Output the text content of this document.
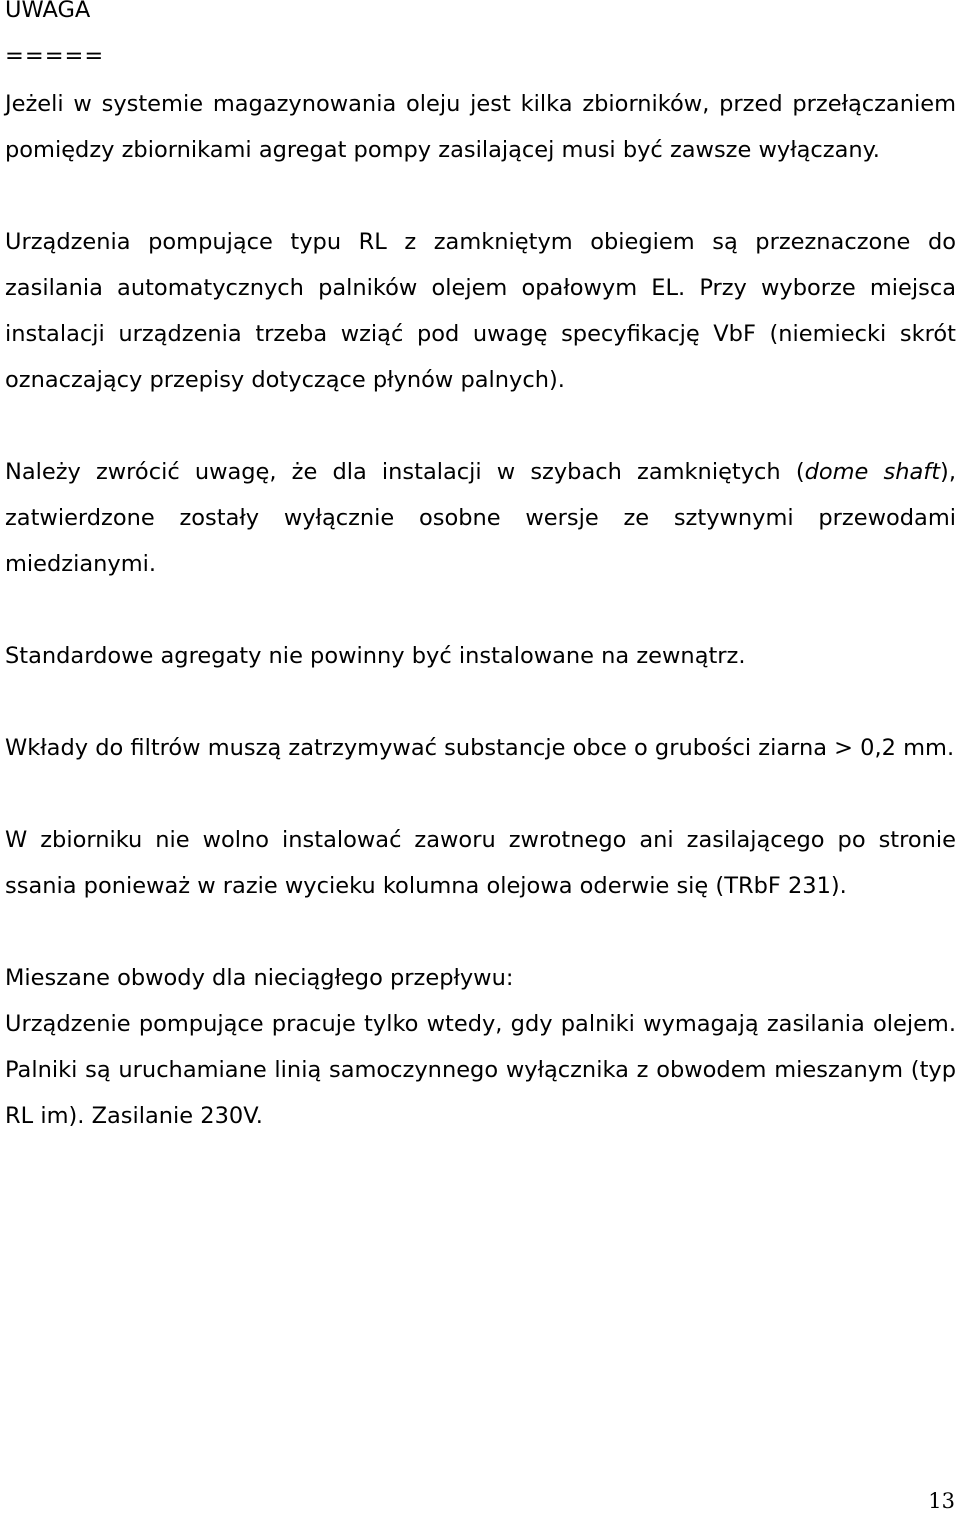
UWAGA
=====

Jeżeli w systemie magazynowania oleju jest kilka zbiorników, przed przełączaniem pomiędzy zbiornikami agregat pompy zasilającej musi być zawsze wyłączany.

Urządzenia pompujące typu RL z zamkniętym obiegiem są przeznaczone do zasilania automatycznych palników olejem opałowym EL. Przy wyborze miejsca instalacji urządzenia trzeba wziąć pod uwagę specyfikację VbF (niemiecki skrót oznaczający przepisy dotyczące płynów palnych).

Należy zwrócić uwagę, że dla instalacji w szybach zamkniętych (dome shaft), zatwierdzone zostały wyłącznie osobne wersje ze sztywnymi przewodami miedzianymi.

Standardowe agregaty nie powinny być instalowane na zewnątrz.

Wkłady do filtrów muszą zatrzymywać substancje obce o grubości ziarna > 0,2 mm.

W zbiorniku nie wolno instalować zaworu zwrotnego ani zasilającego po stronie ssania ponieważ w razie wycieku kolumna olejowa oderwie się (TRbF 231).

Mieszane obwody dla nieciągłego przepływu:

Urządzenie pompujące pracuje tylko wtedy, gdy palniki wymagają zasilania olejem. Palniki są uruchamiane linią samoczynnego wyłącznika z obwodem mieszanym (typ RL im). Zasilanie 230V.

13
